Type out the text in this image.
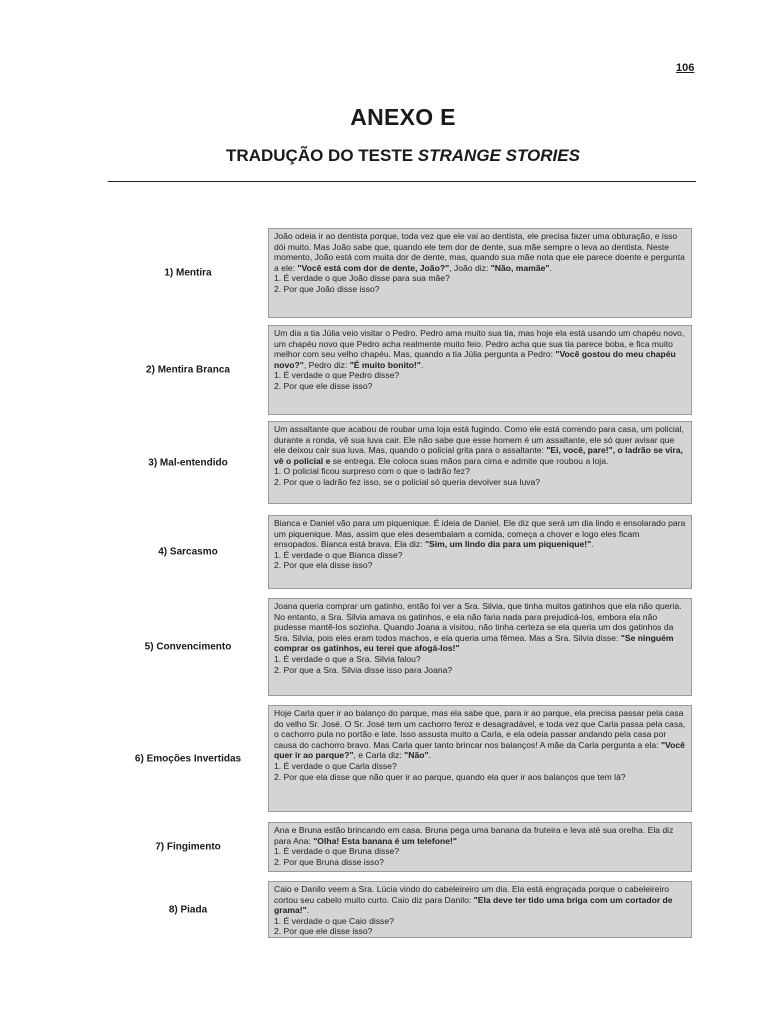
106
ANEXO E
TRADUÇÃO DO TESTE STRANGE STORIES
1) Mentira

João odeia ir ao dentista porque, toda vez que ele vai ao dentista, ele precisa fazer uma obturação, e isso dói muito. Mas João sabe que, quando ele tem dor de dente, sua mãe sempre o leva ao dentista. Neste momento, João está com muita dor de dente, mas, quando sua mãe nota que ele parece doente e pergunta a ele: "Você está com dor de dente, João?", João diz: "Não, mamãe".

1. É verdade o que João disse para sua mãe?

2. Por que João disse isso?

2) Mentira Branca

Um dia a tia Júlia veio visitar o Pedro. Pedro ama muito sua tia, mas hoje ela está usando um chapéu novo, um chapéu novo que Pedro acha realmente muito feio. Pedro acha que sua tia parece boba, e fica muito melhor com seu velho chapéu. Mas, quando a tia Júlia pergunta a Pedro: "Você gostou do meu chapéu novo?", Pedro diz: "É muito bonito!".

1. É verdade o que Pedro disse?

2. Por que ele disse isso?

3) Mal-entendido

Um assaltante que acabou de roubar uma loja está fugindo. Como ele está correndo para casa, um policial, durante a ronda, vê sua luva cair. Ele não sabe que esse homem é um assaltante, ele só quer avisar que ele deixou cair sua luva. Mas, quando o policial grita para o assaltante: "Ei, você, pare!", o ladrão se vira, vê o policial e se entrega. Ele coloca suas mãos para cima e admite que roubou a loja.

1. O policial ficou surpreso com o que o ladrão fez?

2. Por que o ladrão fez isso, se o policial só queria devolver sua luva?

4) Sarcasmo

Bianca e Daniel vão para um piquenique. É ideia de Daniel. Ele diz que será um dia lindo e ensolarado para um piquenique. Mas, assim que eles desembalam a comida, começa a chover e logo eles ficam ensopados. Bianca está brava. Ela diz: "Sim, um lindo dia para um piquenique!".

1. É verdade o que Bianca disse?

2. Por que ela disse isso?

5) Convencimento

Joana queria comprar um gatinho, então foi ver a Sra. Silvia, que tinha muitos gatinhos que ela não queria. No entanto, a Sra. Silvia amava os gatinhos, e ela não faria nada para prejudicá-los, embora ela não pudesse mantê-los sozinha. Quando Joana a visitou, não tinha certeza se ela queria um dos gatinhos da Sra. Silvia, pois eles eram todos machos, e ela queria uma fêmea. Mas a Sra. Silvia disse: "Se ninguém comprar os gatinhos, eu terei que afogá-los!"

1. É verdade o que a Sra. Silvia falou?

2. Por que a Sra. Silvia disse isso para Joana?

6) Emoções Invertidas

Hoje Carla quer ir ao balanço do parque, mas ela sabe que, para ir ao parque, ela precisa passar pela casa do velho Sr. José. O Sr. José tem um cachorro feroz e desagradável, e toda vez que Carla passa pela casa, o cachorro pula no portão e late. Isso assusta muito a Carla, e ela odeia passar andando pela casa por causa do cachorro bravo. Mas Carla quer tanto brincar nos balanços! A mãe da Carla pergunta a ela: "Você quer ir ao parque?", e Carla diz: "Não".

1. É verdade o que Carla disse?

2. Por que ela disse que não quer ir ao parque, quando ela quer ir aos balanços que tem lá?

7) Fingimento

Ana e Bruna estão brincando em casa. Bruna pega uma banana da fruteira e leva até sua orelha. Ela diz para Ana: "Olha! Esta banana é um telefone!"

1. É verdade o que Bruna disse?

2. Por que Bruna disse isso?

8) Piada

Caio e Danilo veem a Sra. Lúcia vindo do cabeleireiro um dia. Ela está engraçada porque o cabeleireiro cortou seu cabelo muito curto. Caio diz para Danilo: "Ela deve ter tido uma briga com um cortador de grama!".

1. É verdade o que Caio disse?

2. Por que ele disse isso?
